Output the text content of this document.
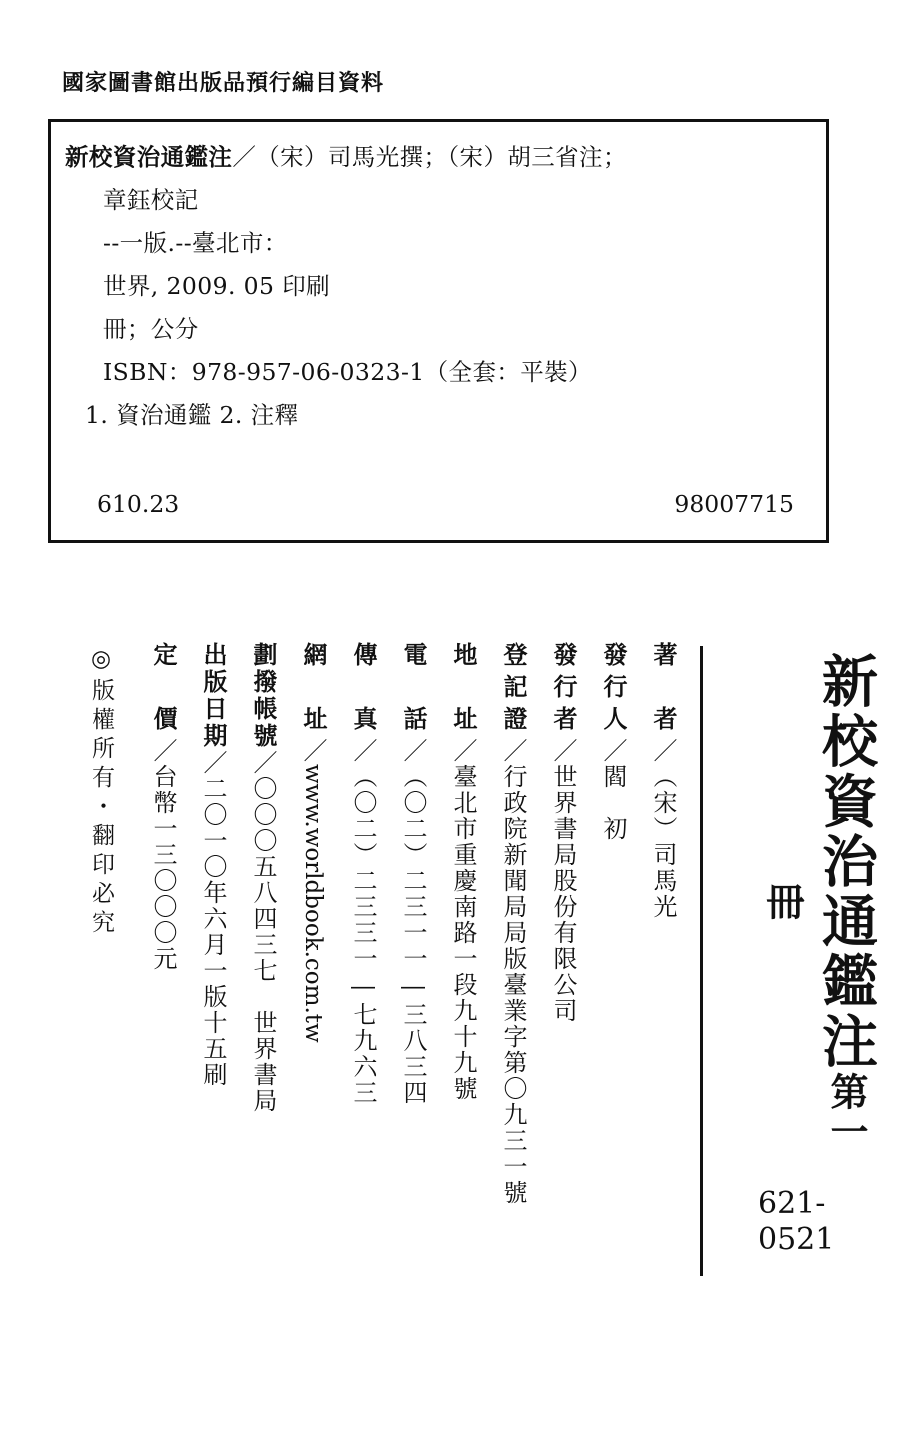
國家圖書館出版品預行編目資料
新校資治通鑑注／（宋）司馬光撰；（宋）胡三省注；
章鈺校記
--一版.--臺北市：
世界, 2009. 05 印刷
冊；公分
ISBN：978-957-06-0323-1（全套：平裝）
1. 資治通鑑 2. 注釋
610.23	98007715
新校資治通鑑注第一冊
621-
0521
著　者／（宋）司馬光
發行人／閻　初
發行者／世界書局股份有限公司
登記證／行政院新聞局局版臺業字第〇九三一號
地　址／臺北市重慶南路一段九十九號
電　話／（〇二）二三一一―三八三四
傳　真／（〇二）二三三一―七九六三
網　址／www.worldbook.com.tw
劃撥帳號／〇〇〇五八四三七　世界書局
出版日期／二〇一〇年六月一版十五刷
定　價／台幣一三〇〇〇元
◎版權所有・翻印必究
